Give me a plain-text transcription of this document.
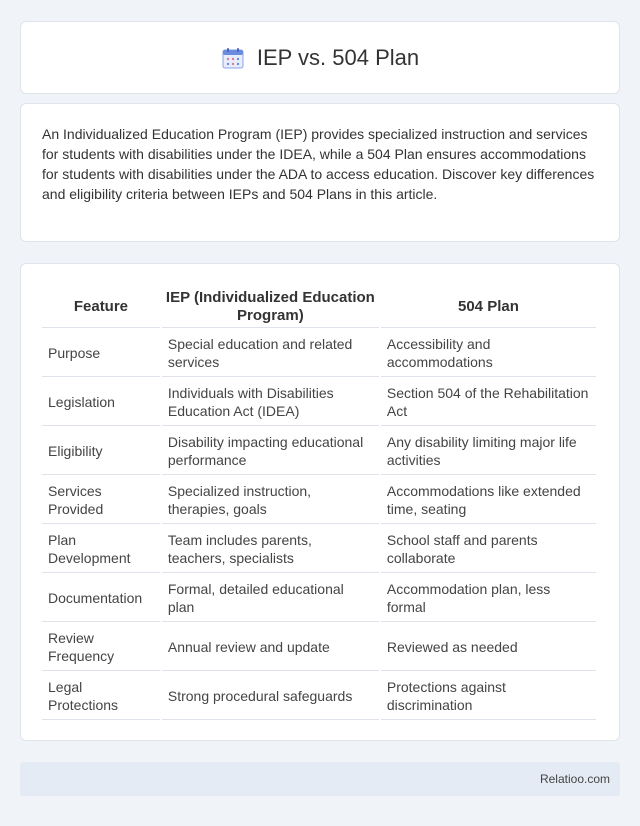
IEP vs. 504 Plan

An Individualized Education Program (IEP) provides specialized instruction and services for students with disabilities under the IDEA, while a 504 Plan ensures accommodations for students with disabilities under the ADA to access education. Discover key differences and eligibility criteria between IEPs and 504 Plans in this article.

Feature	IEP (Individualized Education Program)	504 Plan
Purpose	Special education and related services	Accessibility and accommodations
Legislation	Individuals with Disabilities Education Act (IDEA)	Section 504 of the Rehabilitation Act
Eligibility	Disability impacting educational performance	Any disability limiting major life activities
Services Provided	Specialized instruction, therapies, goals	Accommodations like extended time, seating
Plan Development	Team includes parents, teachers, specialists	School staff and parents collaborate
Documentation	Formal, detailed educational plan	Accommodation plan, less formal
Review Frequency	Annual review and update	Reviewed as needed
Legal Protections	Strong procedural safeguards	Protections against discrimination
Relatioo.com
